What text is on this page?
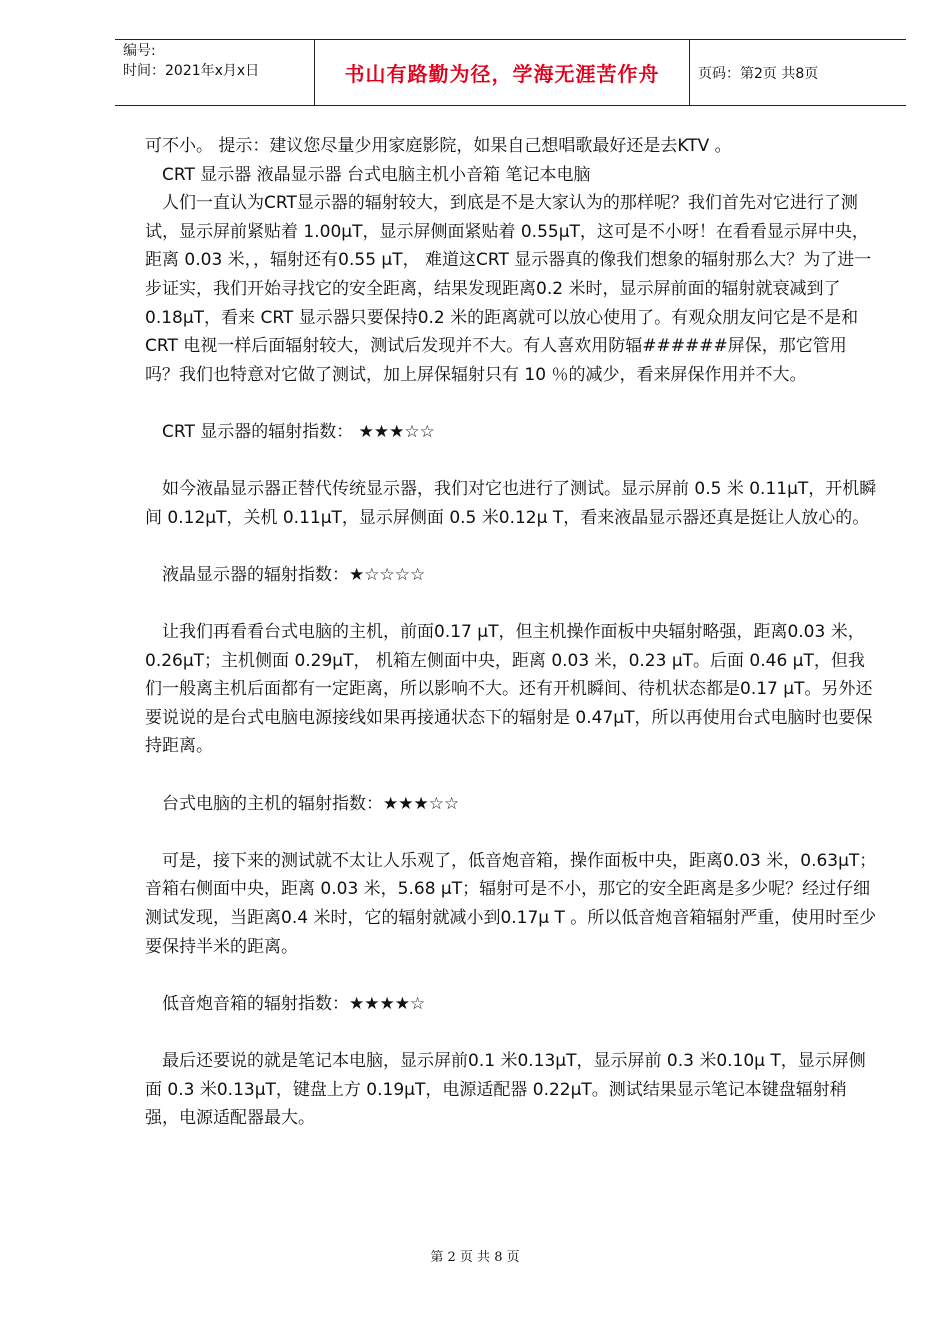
编号:
时间：2021年x月x日	书山有路勤为径，学海无涯苦作舟	页码：第2页 共8页

可不小。 提示：建议您尽量少用家庭影院，如果自己想唱歌最好还是去KTV 。

CRT 显示器 液晶显示器 台式电脑主机小音箱 笔记本电脑

人们一直认为CRT显示器的辐射较大，到底是不是大家认为的那样呢？我们首先对它进行了测试，显示屏前紧贴着 1.00μT，显示屏侧面紧贴着 0.55μT，这可是不小呀！在看看显示屏中央，距离 0.03 米，，辐射还有0.55 μT， 难道这CRT 显示器真的像我们想象的辐射那么大？为了进一步证实，我们开始寻找它的安全距离，结果发现距离0.2 米时，显示屏前面的辐射就衰减到了 0.18μT，看来 CRT 显示器只要保持0.2 米的距离就可以放心使用了。有观众朋友问它是不是和 CRT 电视一样后面辐射较大，测试后发现并不大。有人喜欢用防辐######屏保，那它管用吗？我们也特意对它做了测试，加上屏保辐射只有 10 ％的减少，看来屏保作用并不大。

CRT 显示器的辐射指数： ★★★☆☆

如今液晶显示器正替代传统显示器，我们对它也进行了测试。显示屏前 0.5 米 0.11μT，开机瞬间 0.12μT，关机 0.11μT，显示屏侧面 0.5 米0.12μ T，看来液晶显示器还真是挺让人放心的。

液晶显示器的辐射指数：★☆☆☆☆

让我们再看看台式电脑的主机，前面0.17 μT，但主机操作面板中央辐射略强，距离0.03 米，0.26μT；主机侧面 0.29μT， 机箱左侧面中央，距离 0.03 米，0.23 μT。后面 0.46 μT，但我们一般离主机后面都有一定距离，所以影响不大。还有开机瞬间、待机状态都是0.17 μT。另外还要说说的是台式电脑电源接线如果再接通状态下的辐射是 0.47μT，所以再使用台式电脑时也要保持距离。

台式电脑的主机的辐射指数：★★★☆☆

可是，接下来的测试就不太让人乐观了，低音炮音箱，操作面板中央，距离0.03 米，0.63μT；音箱右侧面中央，距离 0.03 米，5.68 μT；辐射可是不小，那它的安全距离是多少呢？经过仔细测试发现，当距离0.4 米时，它的辐射就减小到0.17μ T 。所以低音炮音箱辐射严重，使用时至少要保持半米的距离。

低音炮音箱的辐射指数：★★★★☆

最后还要说的就是笔记本电脑，显示屏前0.1 米0.13μT，显示屏前 0.3 米0.10μ T，显示屏侧面 0.3 米0.13μT，键盘上方 0.19μT，电源适配器 0.22μT。测试结果显示笔记本键盘辐射稍强，电源适配器最大。

第 2 页 共 8 页
